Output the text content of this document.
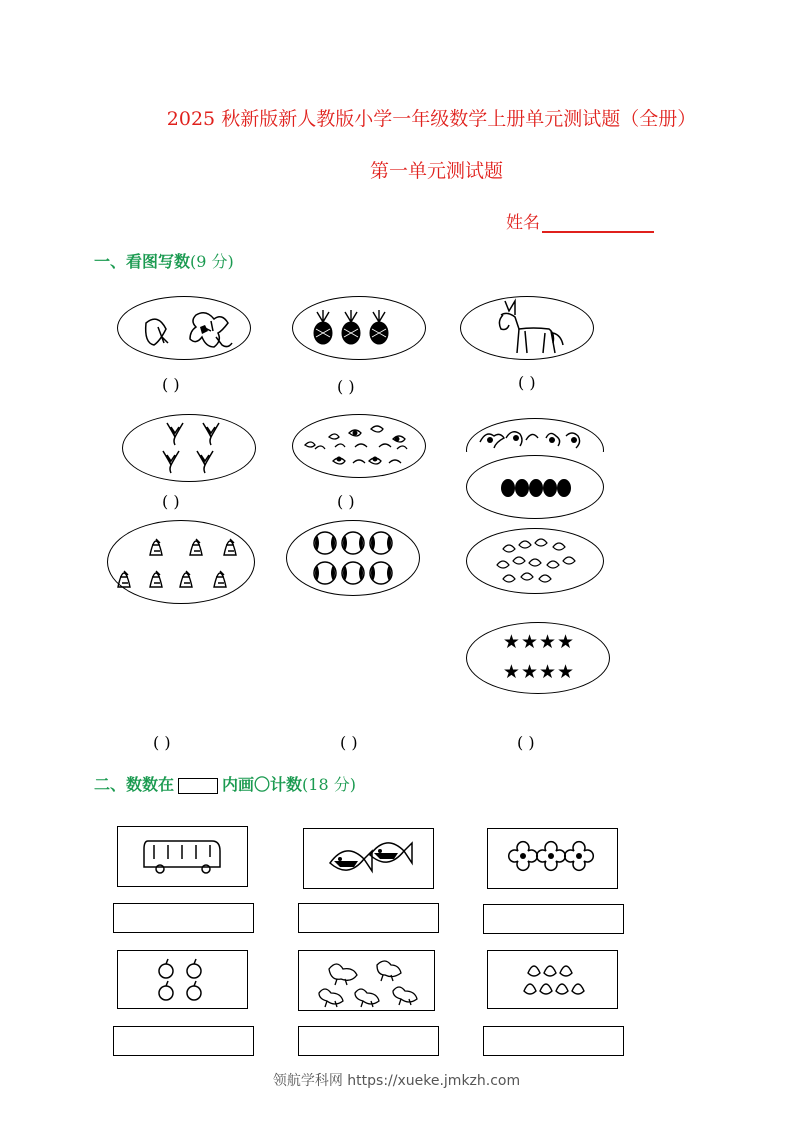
2025 秋新版新人教版小学一年级数学上册单元测试题（全册）
第一单元测试题
姓名
一、看图写数(9 分)
( )	( )	( )
( )	( )
★★★★
★★★★
( )	( )	( )
二、数数在	内画〇计数(18 分)
领航学科网 https://xueke.jmkzh.com
